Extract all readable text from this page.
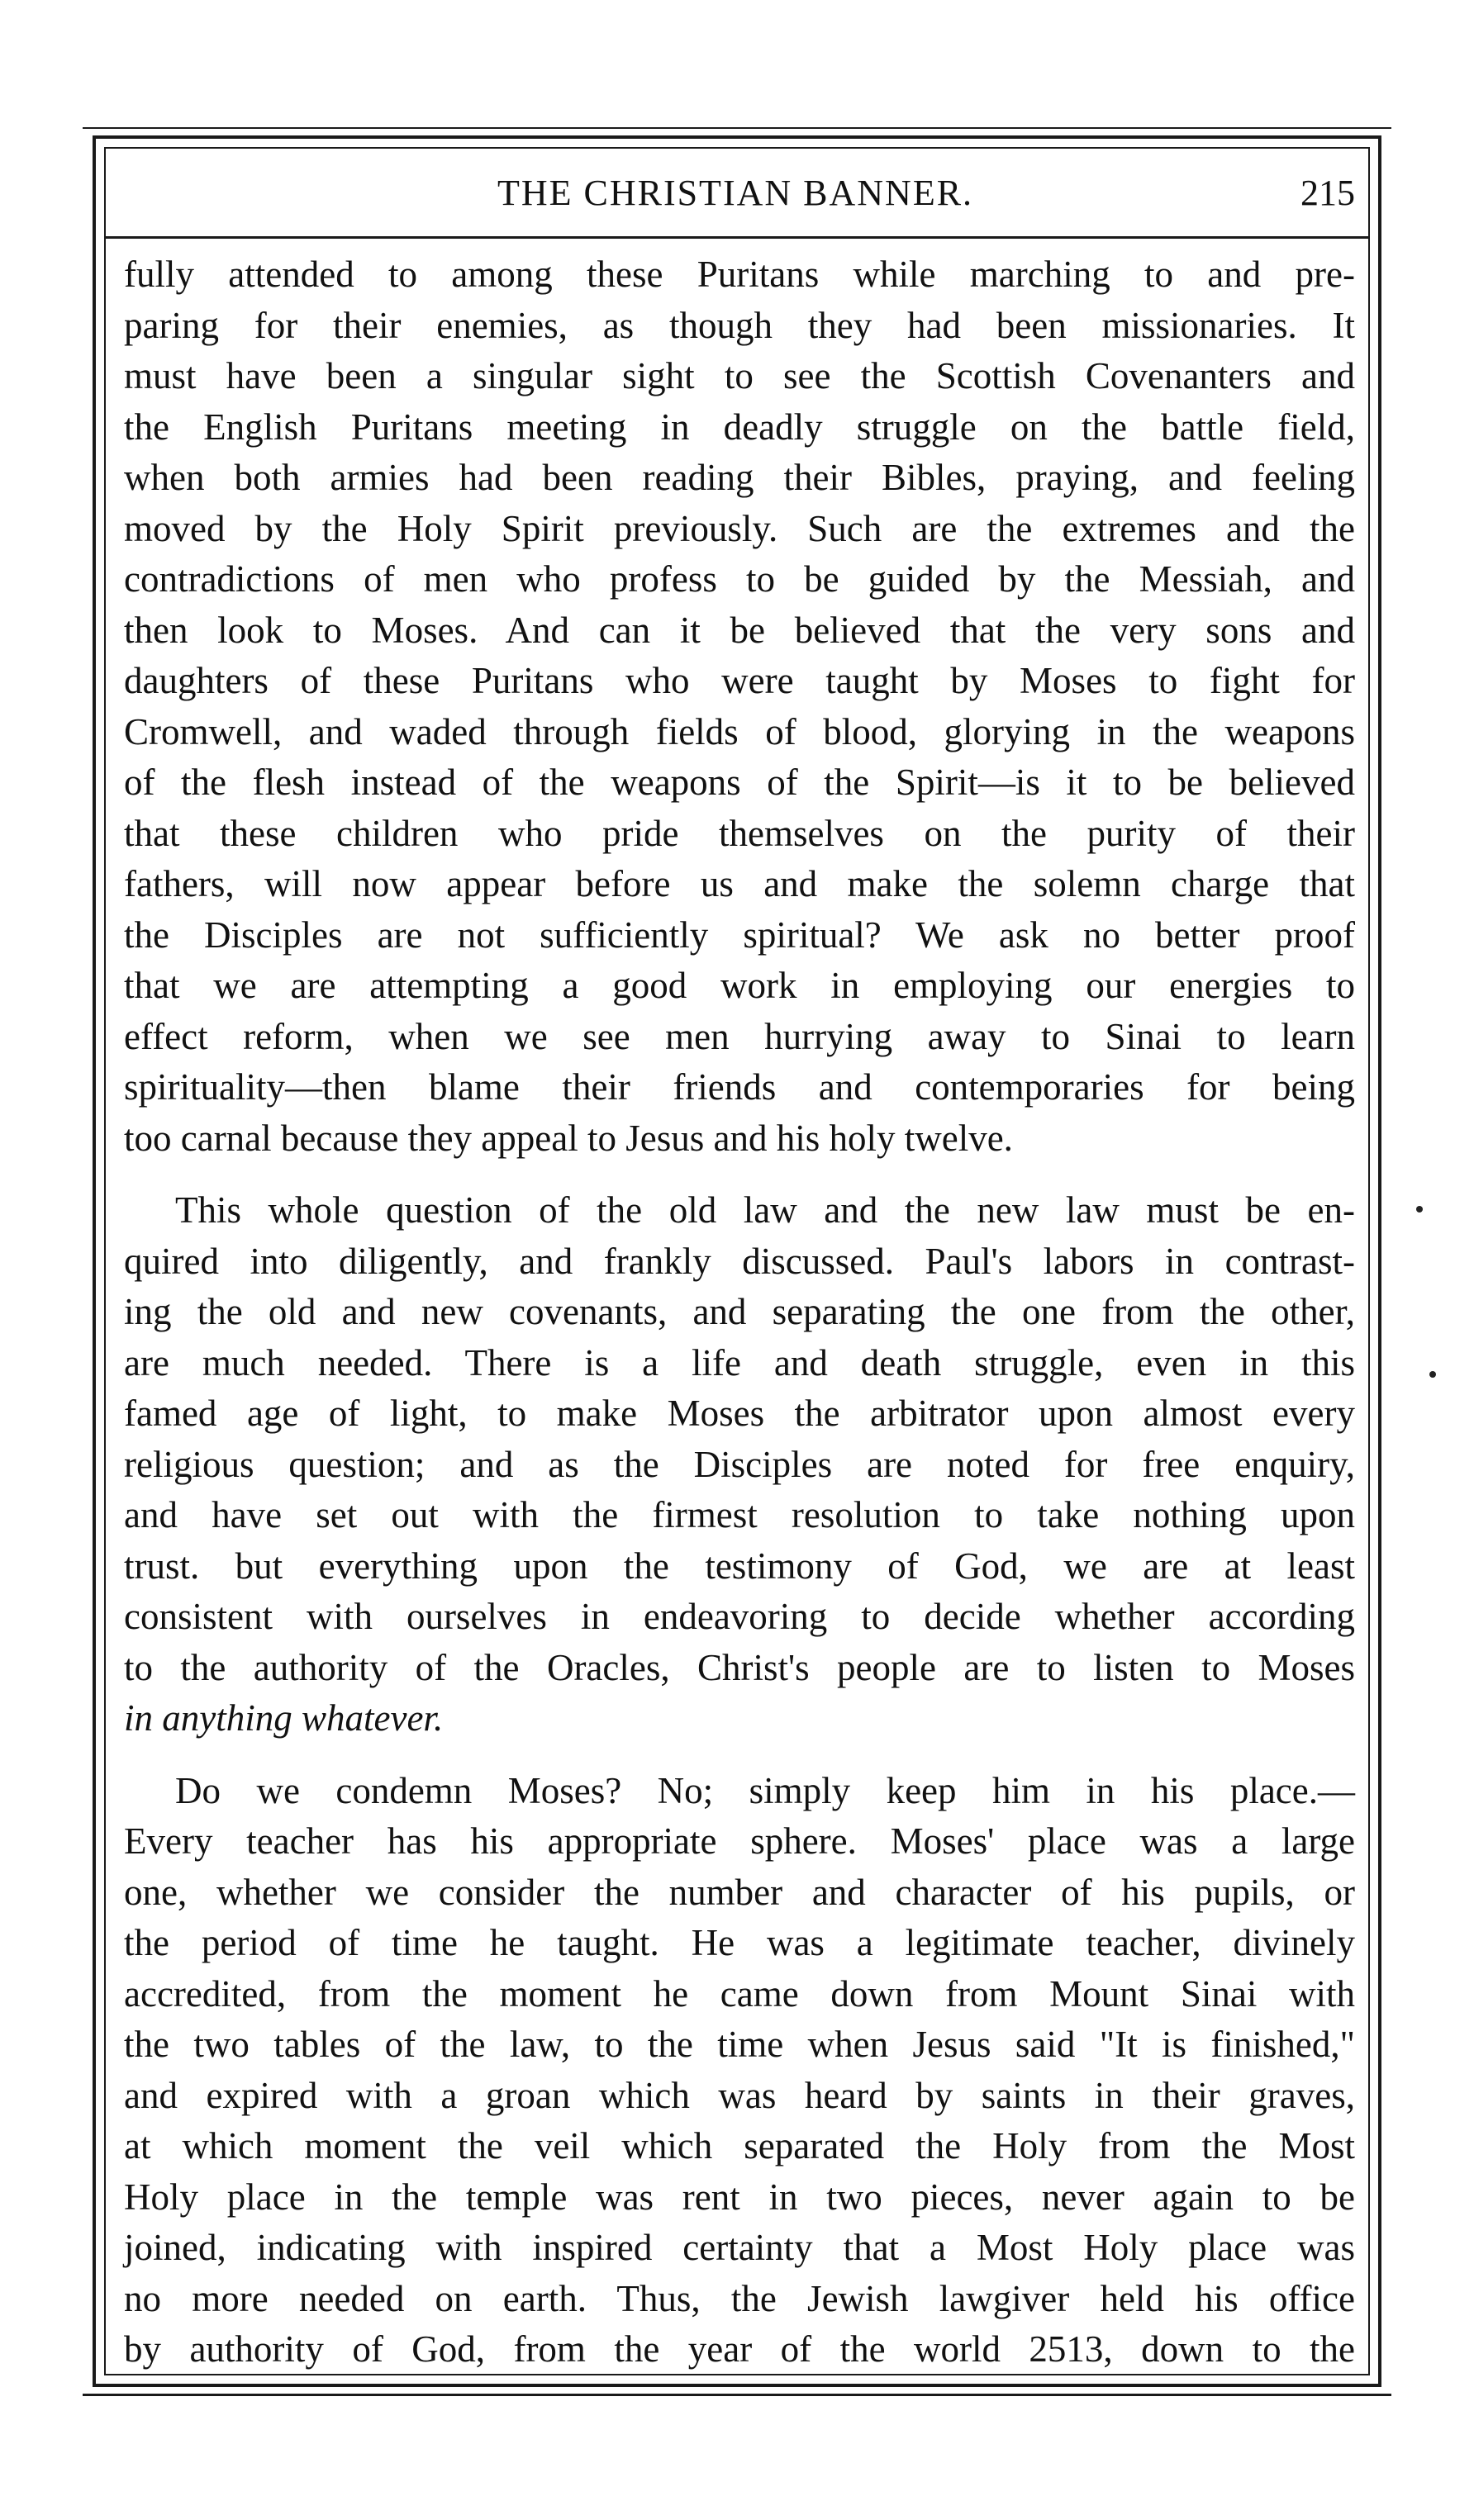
THE CHRISTIAN BANNER.	215
fully attended to among these Puritans while marching to and pre-
paring for their enemies, as though they had been missionaries. It
must have been a singular sight to see the Scottish Covenanters and
the English Puritans meeting in deadly struggle on the battle field,
when both armies had been reading their Bibles, praying, and feeling
moved by the Holy Spirit previously. Such are the extremes and the
contradictions of men who profess to be guided by the Messiah, and
then look to Moses. And can it be believed that the very sons and
daughters of these Puritans who were taught by Moses to fight for
Cromwell, and waded through fields of blood, glorying in the weapons
of the flesh instead of the weapons of the Spirit—is it to be believed
that these children who pride themselves on the purity of their
fathers, will now appear before us and make the solemn charge that
the Disciples are not sufficiently spiritual? We ask no better proof
that we are attempting a good work in employing our energies to
effect reform, when we see men hurrying away to Sinai to learn
spirituality—then blame their friends and contemporaries for being
too carnal because they appeal to Jesus and his holy twelve.
This whole question of the old law and the new law must be en-
quired into diligently, and frankly discussed. Paul's labors in contrast-
ing the old and new covenants, and separating the one from the other,
are much needed. There is a life and death struggle, even in this
famed age of light, to make Moses the arbitrator upon almost every
religious question; and as the Disciples are noted for free enquiry,
and have set out with the firmest resolution to take nothing upon
trust. but everything upon the testimony of God, we are at least
consistent with ourselves in endeavoring to decide whether according
to the authority of the Oracles, Christ's people are to listen to Moses
in anything whatever.
Do we condemn Moses? No; simply keep him in his place.—
Every teacher has his appropriate sphere. Moses' place was a large
one, whether we consider the number and character of his pupils, or
the period of time he taught. He was a legitimate teacher, divinely
accredited, from the moment he came down from Mount Sinai with
the two tables of the law, to the time when Jesus said "It is finished,"
and expired with a groan which was heard by saints in their graves,
at which moment the veil which separated the Holy from the Most
Holy place in the temple was rent in two pieces, never again to be
joined, indicating with inspired certainty that a Most Holy place was
no more needed on earth. Thus, the Jewish lawgiver held his office
by authority of God, from the year of the world 2513, down to the
